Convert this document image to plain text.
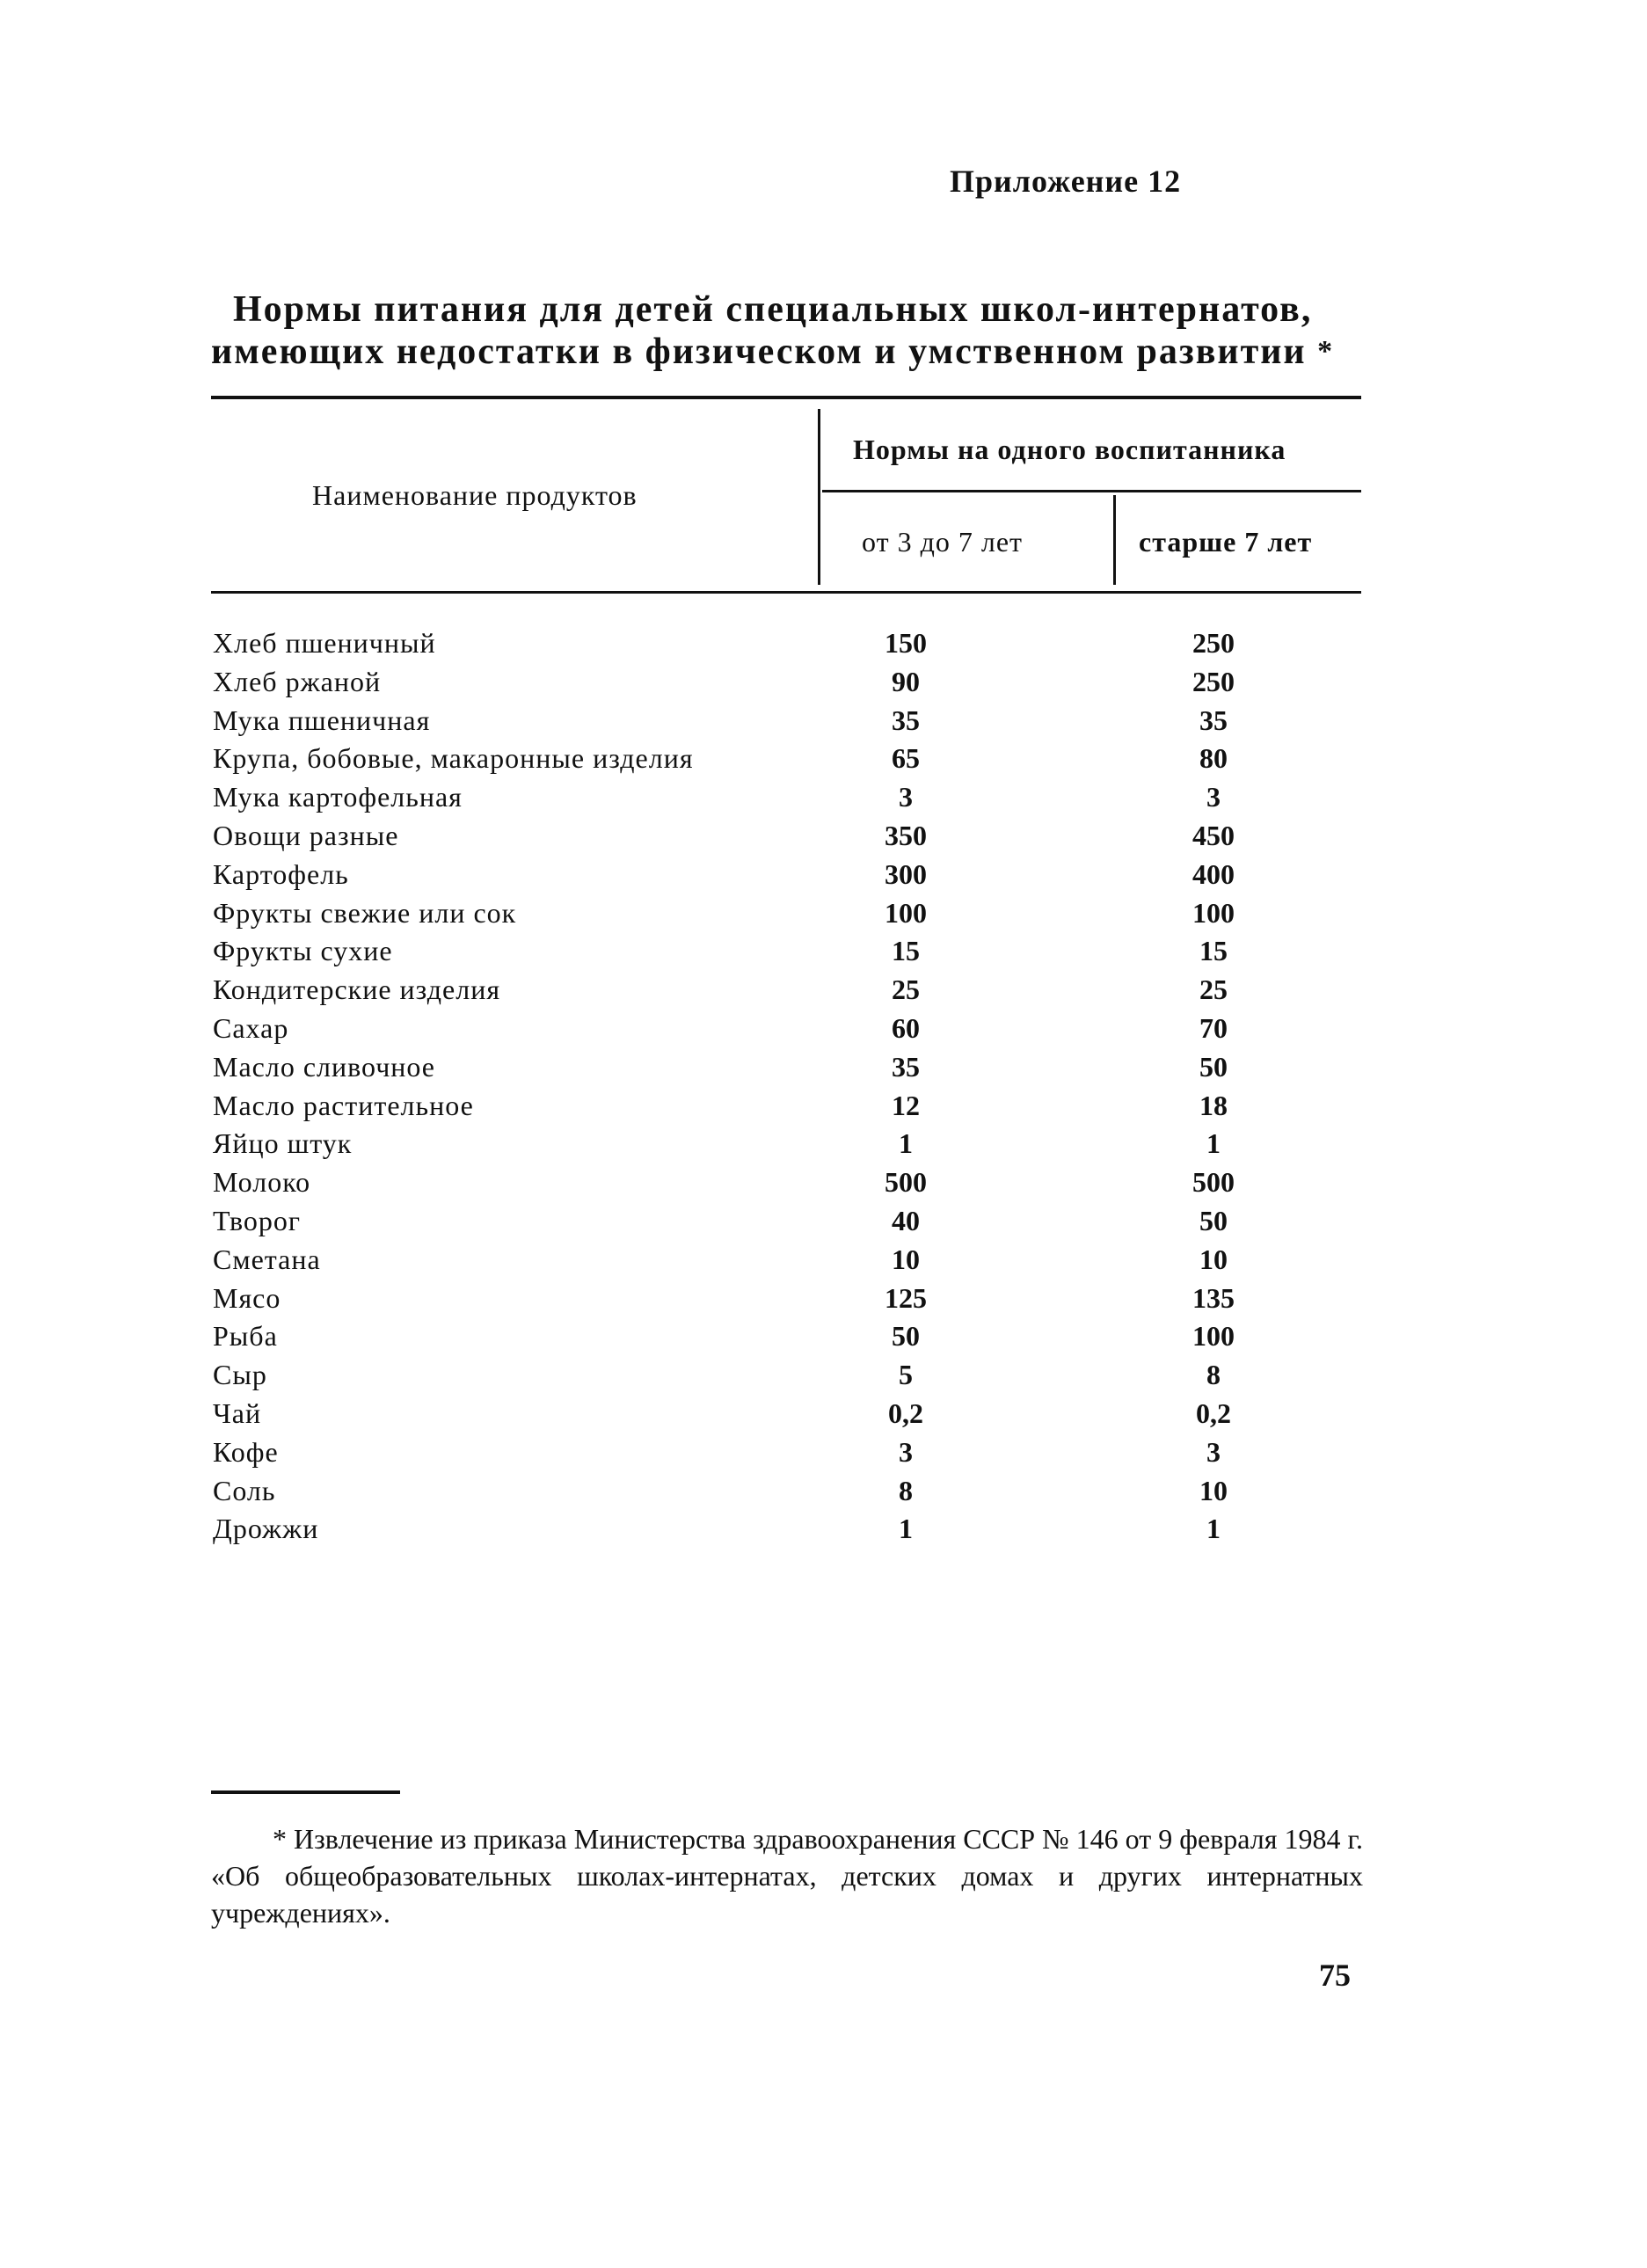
Приложение 12
Нормы питания для детей специальных школ-интернатов,
имеющих недостатки в физическом и умственном развитии *
Наименование продуктов
Нормы на одного воспитанника
от 3 до 7 лет	старше 7 лет
Хлеб пшеничный	150	250
Хлеб ржаной	90	250
Мука пшеничная	35	35
Крупа, бобовые, макаронные изделия	65	80
Мука картофельная	3	3
Овощи разные	350	450
Картофель	300	400
Фрукты свежие или сок	100	100
Фрукты сухие	15	15
Кондитерские изделия	25	25
Сахар	60	70
Масло сливочное	35	50
Масло растительное	12	18
Яйцо штук	1	1
Молоко	500	500
Творог	40	50
Сметана	10	10
Мясо	125	135
Рыба	50	100
Сыр	5	8
Чай	0,2	0,2
Кофе	3	3
Соль	8	10
Дрожжи	1	1
* Извлечение из приказа Министерства здравоохранения СССР № 146 от 9 февраля 1984 г. «Об общеобразовательных школах-интернатах, детских домах и других интернатных учреждениях».
75
